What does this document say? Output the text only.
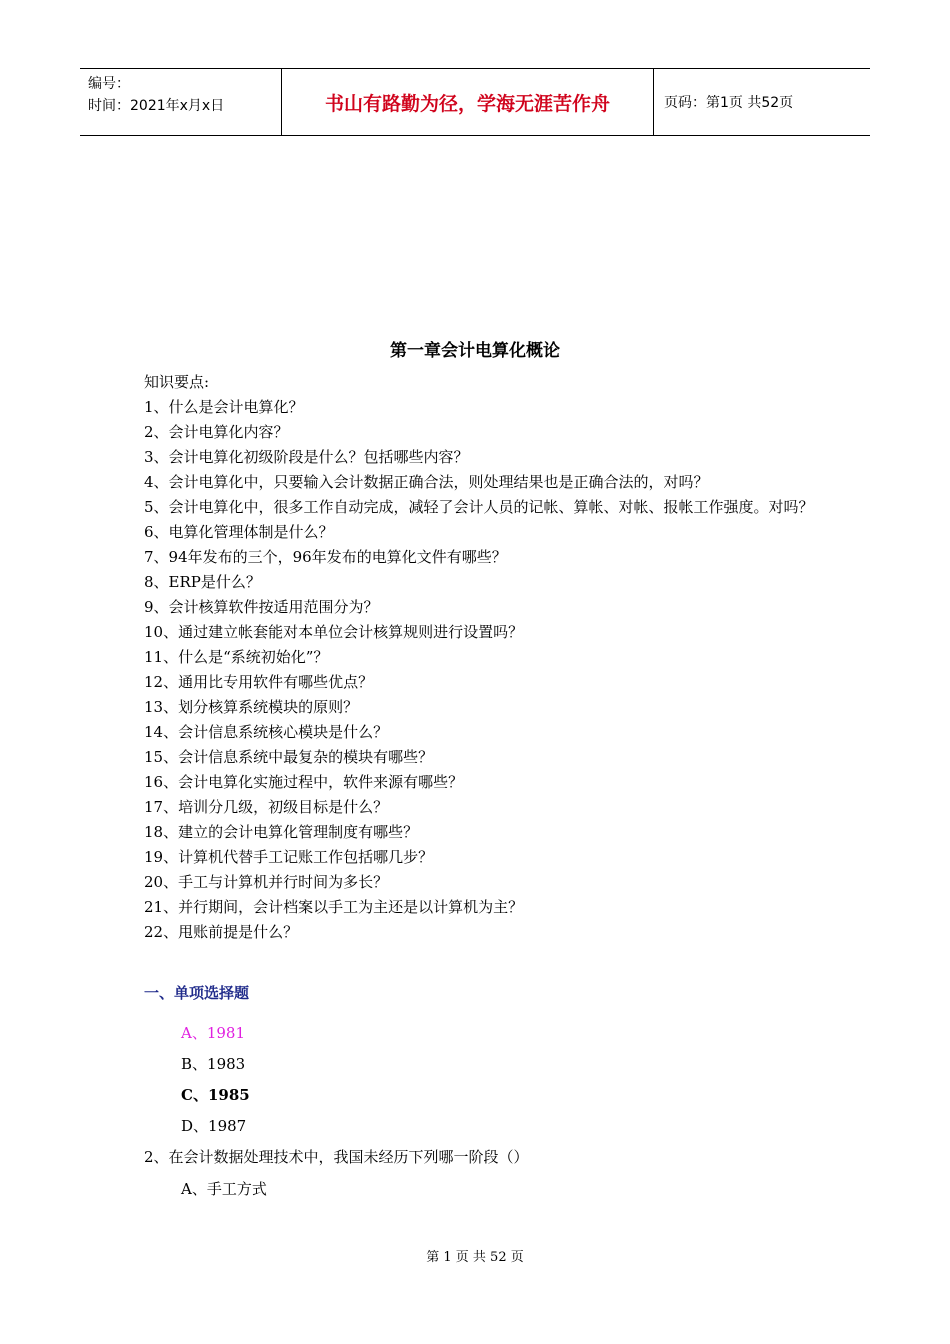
编号：
时间：2021年x月x日	书山有路勤为径，学海无涯苦作舟	页码：第1页 共52页
第一章会计电算化概论
知识要点:
1、什么是会计电算化？
2、会计电算化内容？
3、会计电算化初级阶段是什么？包括哪些内容？
4、会计电算化中，只要输入会计数据正确合法，则处理结果也是正确合法的，对吗？
5、会计电算化中，很多工作自动完成，减轻了会计人员的记帐、算帐、对帐、报帐工作强度。对吗？
6、电算化管理体制是什么？
7、94年发布的三个，96年发布的电算化文件有哪些？
8、ERP是什么？
9、会计核算软件按适用范围分为？
10、通过建立帐套能对本单位会计核算规则进行设置吗？
11、什么是“系统初始化”？
12、通用比专用软件有哪些优点？
13、划分核算系统模块的原则？
14、会计信息系统核心模块是什么？
15、会计信息系统中最复杂的模块有哪些？
16、会计电算化实施过程中，软件来源有哪些？
17、培训分几级，初级目标是什么？
18、建立的会计电算化管理制度有哪些？
19、计算机代替手工记账工作包括哪几步？
20、手工与计算机并行时间为多长？
21、并行期间，会计档案以手工为主还是以计算机为主？
22、甩账前提是什么？
一、单项选择题
A、1981
B、1983
C、1985
D、1987
2、在会计数据处理技术中，我国未经历下列哪一阶段（）
A、手工方式
第 1 页 共 52 页
